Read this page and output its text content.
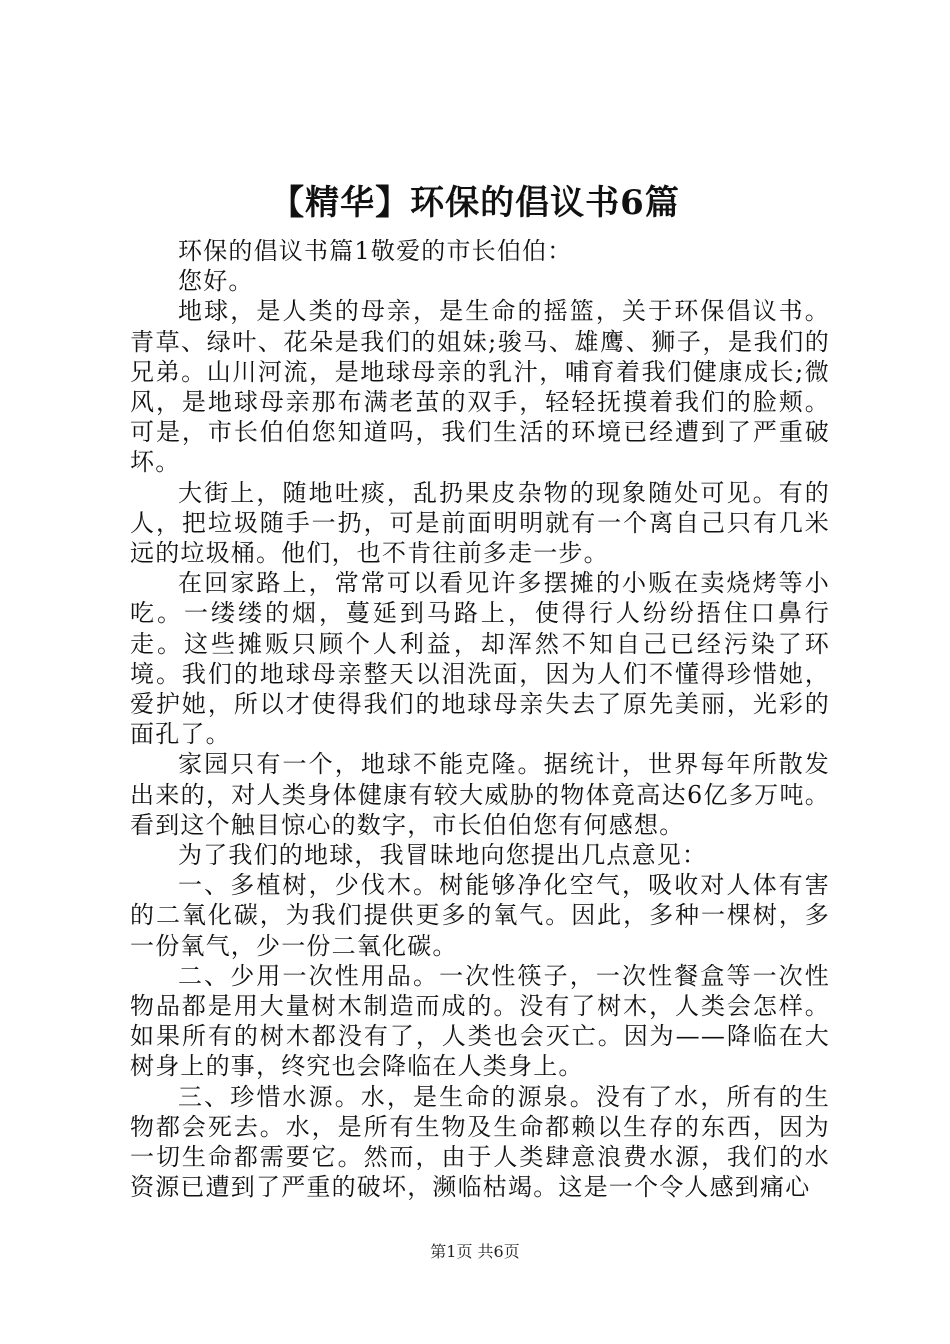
【精华】环保的倡议书6篇

环保的倡议书篇1敬爱的市长伯伯：

您好。

地球，是人类的母亲，是生命的摇篮，关于环保倡议书。青草、绿叶、花朵是我们的姐妹;骏马、雄鹰、狮子，是我们的兄弟。山川河流，是地球母亲的乳汁，哺育着我们健康成长;微风，是地球母亲那布满老茧的双手，轻轻抚摸着我们的脸颊。可是，市长伯伯您知道吗，我们生活的环境已经遭到了严重破坏。

大街上，随地吐痰，乱扔果皮杂物的现象随处可见。有的人，把垃圾随手一扔，可是前面明明就有一个离自己只有几米远的垃圾桶。他们，也不肯往前多走一步。

在回家路上，常常可以看见许多摆摊的小贩在卖烧烤等小吃。一缕缕的烟，蔓延到马路上，使得行人纷纷捂住口鼻行走。这些摊贩只顾个人利益，却浑然不知自己已经污染了环境。我们的地球母亲整天以泪洗面，因为人们不懂得珍惜她，爱护她，所以才使得我们的地球母亲失去了原先美丽，光彩的面孔了。

家园只有一个，地球不能克隆。据统计，世界每年所散发出来的，对人类身体健康有较大威胁的物体竟高达6亿多万吨。看到这个触目惊心的数字，市长伯伯您有何感想。

为了我们的地球，我冒昧地向您提出几点意见：

一、多植树，少伐木。树能够净化空气，吸收对人体有害的二氧化碳，为我们提供更多的氧气。因此，多种一棵树，多一份氧气，少一份二氧化碳。

二、少用一次性用品。一次性筷子，一次性餐盒等一次性物品都是用大量树木制造而成的。没有了树木，人类会怎样。如果所有的树木都没有了，人类也会灭亡。因为——降临在大树身上的事，终究也会降临在人类身上。

三、珍惜水源。水，是生命的源泉。没有了水，所有的生物都会死去。水，是所有生物及生命都赖以生存的东西，因为一切生命都需要它。然而，由于人类肆意浪费水源，我们的水资源已遭到了严重的破坏，濒临枯竭。这是一个令人感到痛心

第1页 共6页
